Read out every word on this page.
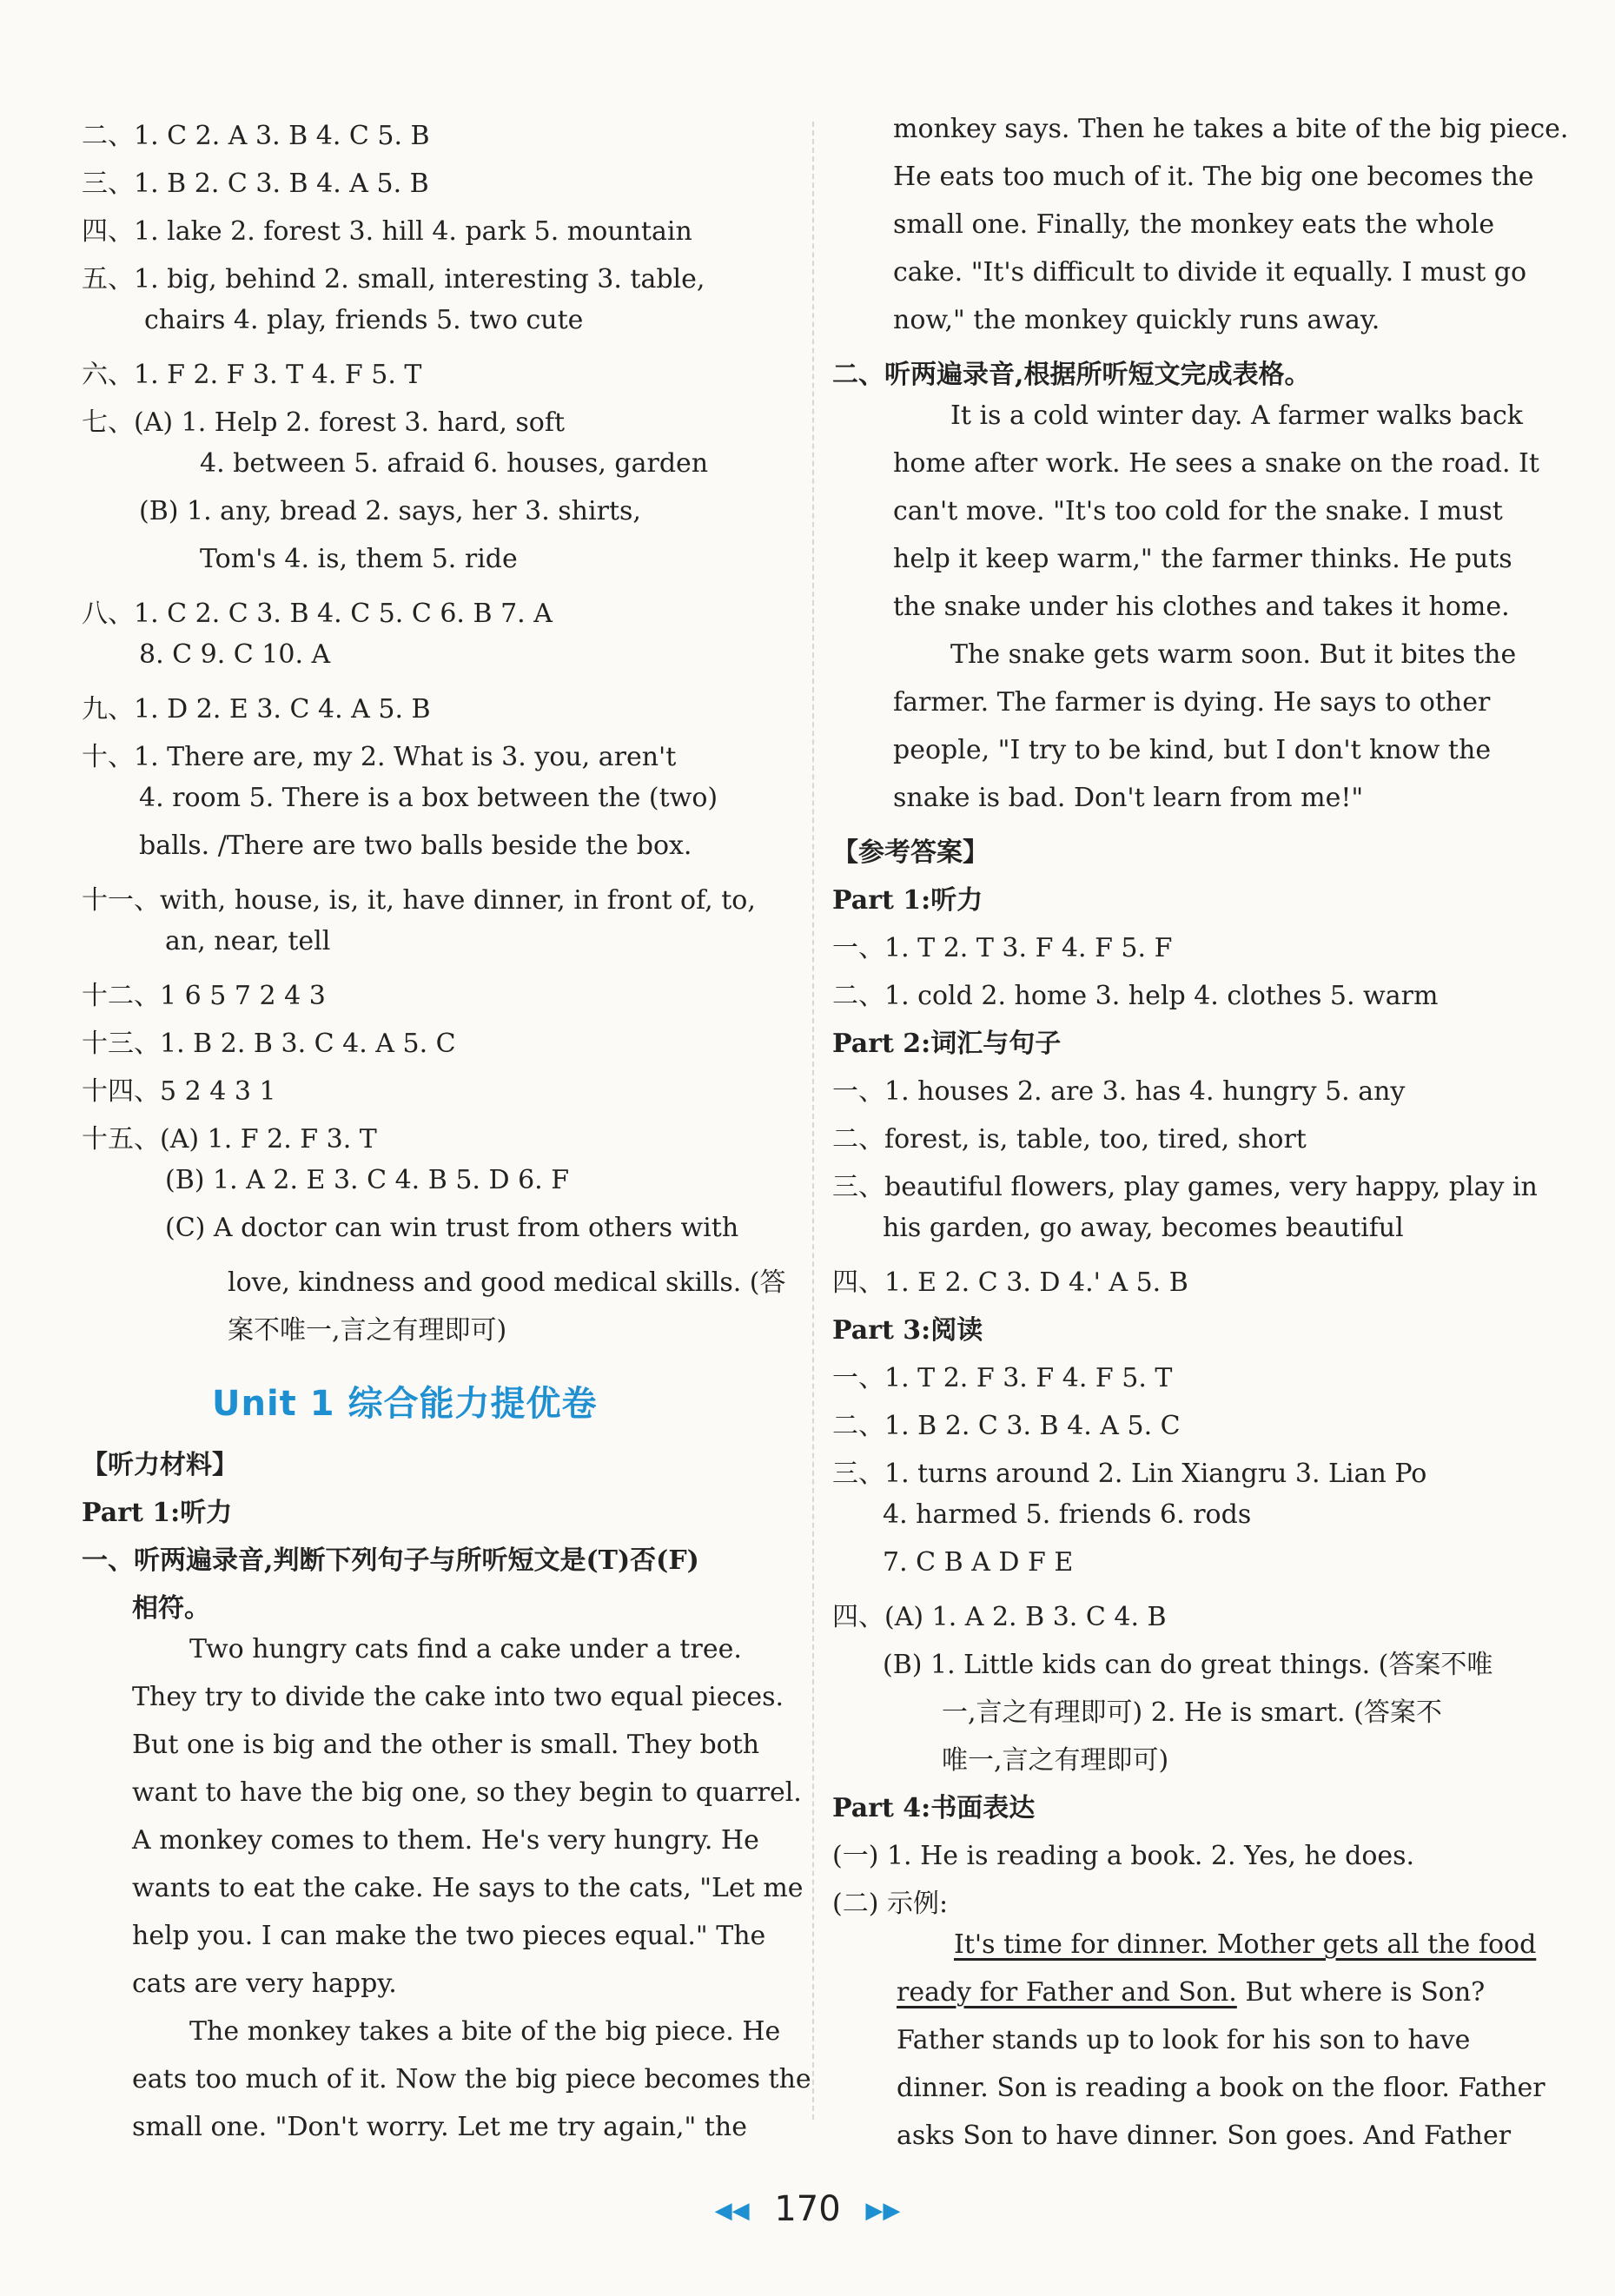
二、1. C 2. A 3. B 4. C 5. B
三、1. B 2. C 3. B 4. A 5. B
四、1. lake 2. forest 3. hill 4. park 5. mountain
五、1. big, behind 2. small, interesting 3. table,
chairs 4. play, friends 5. two cute
六、1. F 2. F 3. T 4. F 5. T
七、(A) 1. Help 2. forest 3. hard, soft
4. between 5. afraid 6. houses, garden
(B) 1. any, bread 2. says, her 3. shirts,
Tom's 4. is, them 5. ride
八、1. C 2. C 3. B 4. C 5. C 6. B 7. A
8. C 9. C 10. A
九、1. D 2. E 3. C 4. A 5. B
十、1. There are, my 2. What is 3. you, aren't
4. room 5. There is a box between the (two)
balls. /There are two balls beside the box.
十一、with, house, is, it, have dinner, in front of, to,
an, near, tell
十二、1 6 5 7 2 4 3
十三、1. B 2. B 3. C 4. A 5. C
十四、5 2 4 3 1
十五、(A) 1. F 2. F 3. T
(B) 1. A 2. E 3. C 4. B 5. D 6. F
(C) A doctor can win trust from others with
love, kindness and good medical skills. (答
案不唯一,言之有理即可)
【听力材料】
Part 1:听力
一、听两遍录音,判断下列句子与所听短文是(T)否(F)
相符。
Two hungry cats find a cake under a tree.
They try to divide the cake into two equal pieces.
But one is big and the other is small. They both
want to have the big one, so they begin to quarrel.
A monkey comes to them. He's very hungry. He
wants to eat the cake. He says to the cats, "Let me
help you. I can make the two pieces equal." The
cats are very happy.
The monkey takes a bite of the big piece. He
eats too much of it. Now the big piece becomes the
small one. "Don't worry. Let me try again," the
Unit 1 综合能力提优卷
monkey says. Then he takes a bite of the big piece.
He eats too much of it. The big one becomes the
small one. Finally, the monkey eats the whole
cake. "It's difficult to divide it equally. I must go
now," the monkey quickly runs away.
二、听两遍录音,根据所听短文完成表格。
It is a cold winter day. A farmer walks back
home after work. He sees a snake on the road. It
can't move. "It's too cold for the snake. I must
help it keep warm," the farmer thinks. He puts
the snake under his clothes and takes it home.
The snake gets warm soon. But it bites the
farmer. The farmer is dying. He says to other
people, "I try to be kind, but I don't know the
snake is bad. Don't learn from me!"
【参考答案】
Part 1:听力
一、1. T 2. T 3. F 4. F 5. F
二、1. cold 2. home 3. help 4. clothes 5. warm
Part 2:词汇与句子
一、1. houses 2. are 3. has 4. hungry 5. any
二、forest, is, table, too, tired, short
三、beautiful flowers, play games, very happy, play in
his garden, go away, becomes beautiful
四、1. E 2. C 3. D 4.' A 5. B
Part 3:阅读
一、1. T 2. F 3. F 4. F 5. T
二、1. B 2. C 3. B 4. A 5. C
三、1. turns around 2. Lin Xiangru 3. Lian Po
4. harmed 5. friends 6. rods
7. C B A D F E
四、(A) 1. A 2. B 3. C 4. B
(B) 1. Little kids can do great things. (答案不唯
一,言之有理即可) 2. He is smart. (答案不
唯一,言之有理即可)
Part 4:书面表达
(一) 1. He is reading a book. 2. Yes, he does.
(二) 示例:
It's time for dinner. Mother gets all the food
ready for Father and Son. But where is Son?
Father stands up to look for his son to have
dinner. Son is reading a book on the floor. Father
asks Son to have dinner. Son goes. And Father
◀◀ 170 ▶▶
